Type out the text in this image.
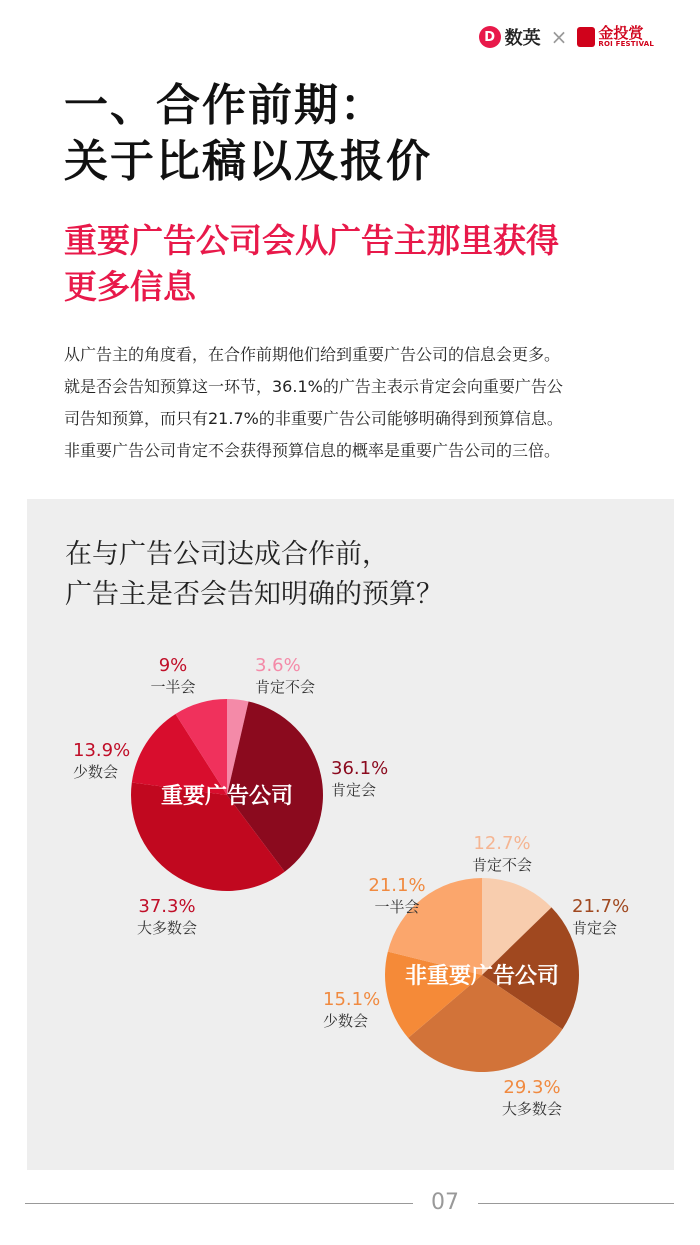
D 数英 × 金投赏
ROI FESTIVAL
一、合作前期：
关于比稿以及报价
重要广告公司会从广告主那里获得
更多信息
从广告主的角度看，在合作前期他们给到重要广告公司的信息会更多。
就是否会告知预算这一环节，36.1%的广告主表示肯定会向重要广告公
司告知预算，而只有21.7%的非重要广告公司能够明确得到预算信息。
非重要广告公司肯定不会获得预算信息的概率是重要广告公司的三倍。
在与广告公司达成合作前，
广告主是否会告知明确的预算？
3.6%
肯定不会
36.1%
肯定会
37.3%
大多数会
13.9%
少数会
9%
一半会
重要广告公司
12.7%
肯定不会
21.7%
肯定会
29.3%
大多数会
15.1%
少数会
21.1%
一半会
非重要广告公司
07
